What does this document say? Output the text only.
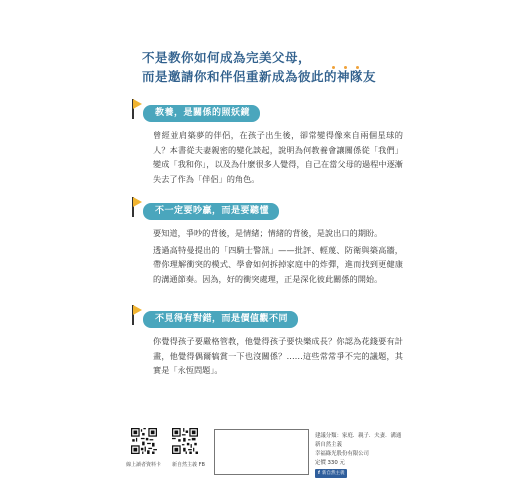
不是教你如何成為完美父母，
而是邀請你和伴侶重新成為彼此的神隊友
教養，是關係的照妖鏡

曾經並肩築夢的伴侶，在孩子出生後，卻常變得像來自兩個星球的人？本書從夫妻親密的變化談起，說明為何教養會讓關係從「我們」變成「我和你」，以及為什麼很多人覺得，自己在當父母的過程中逐漸失去了作為「伴侶」的角色。

不一定要吵贏，而是要聽懂

要知道，爭吵的背後，是情緒；情緒的背後，是說出口的期盼。

透過高特曼提出的「四騎士警訊」——批評、輕蔑、防衛與築高牆，帶你理解衝突的模式、學會如何拆掉家庭中的炸彈，進而找到更健康的溝通節奏。因為，好的衝突處理，正是深化彼此關係的開始。

不見得有對錯，而是價值觀不同

你覺得孩子要嚴格管教，他覺得孩子要快樂成長？你認為花錢要有計畫，他覺得偶爾犒賞一下也沒關係？……這些常常爭不完的議題，其實是「永恆問題」。

線上讀者資料卡 新自然主義 FB
建議分類：家庭．親子．夫妻．溝通
新自然主義
幸福綠光股份有限公司
定價 330 元
f 新自然主義
